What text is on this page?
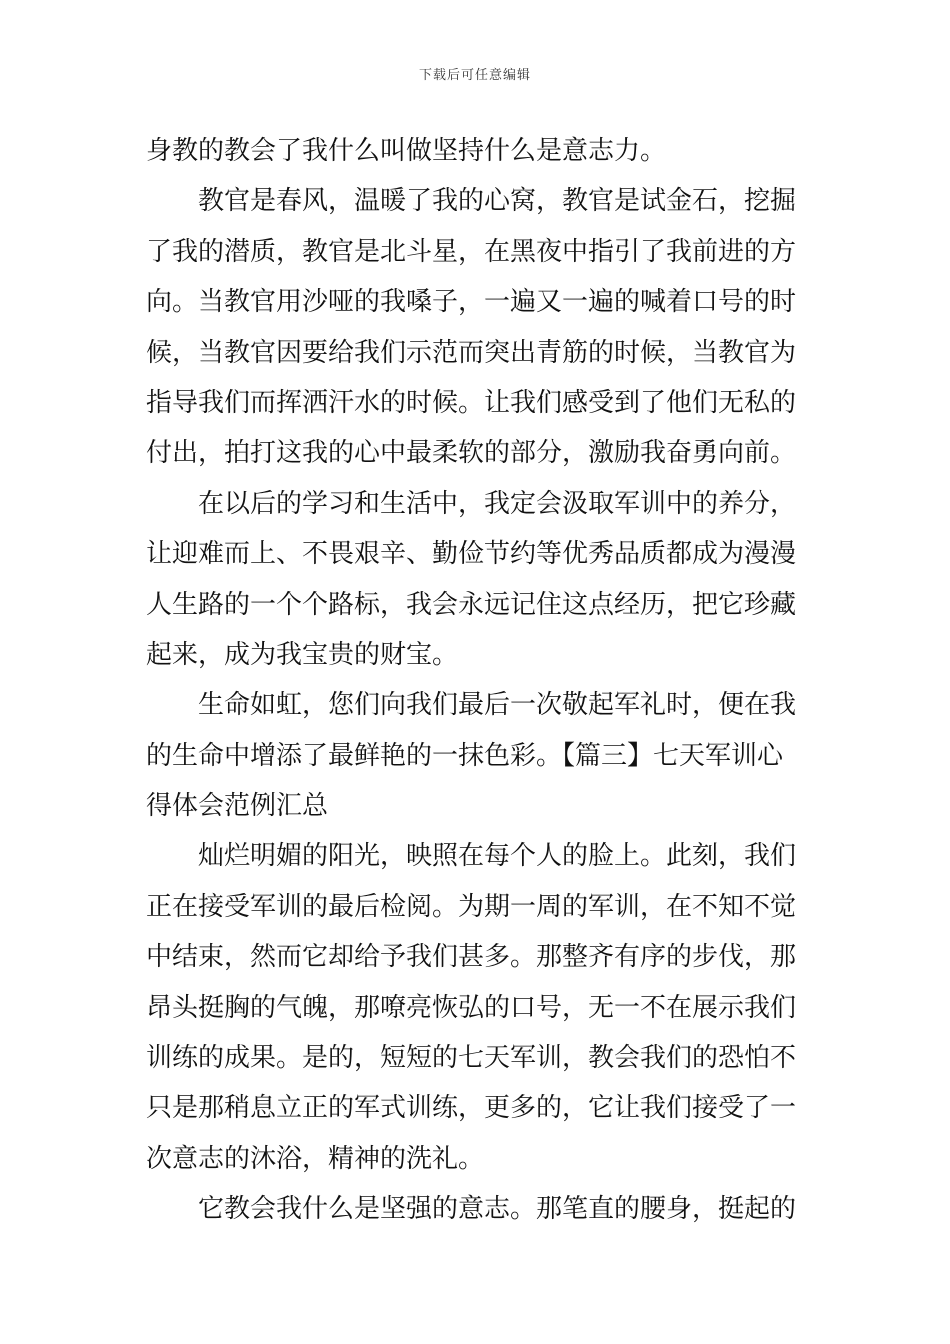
下载后可任意编辑
身教的教会了我什么叫做坚持什么是意志力。
教官是春风，温暖了我的心窝，教官是试金石，挖掘
了我的潜质，教官是北斗星，在黑夜中指引了我前进的方
向。当教官用沙哑的我嗓子，一遍又一遍的喊着口号的时
候，当教官因要给我们示范而突出青筋的时候，当教官为
指导我们而挥洒汗水的时候。让我们感受到了他们无私的
付出，拍打这我的心中最柔软的部分，激励我奋勇向前。
在以后的学习和生活中，我定会汲取军训中的养分，
让迎难而上、不畏艰辛、勤俭节约等优秀品质都成为漫漫
人生路的一个个路标，我会永远记住这点经历，把它珍藏
起来，成为我宝贵的财宝。
生命如虹，您们向我们最后一次敬起军礼时，便在我
的生命中增添了最鲜艳的一抹色彩。【篇三】七天军训心
得体会范例汇总
灿烂明媚的阳光，映照在每个人的脸上。此刻，我们
正在接受军训的最后检阅。为期一周的军训，在不知不觉
中结束，然而它却给予我们甚多。那整齐有序的步伐，那
昂头挺胸的气魄，那嘹亮恢弘的口号，无一不在展示我们
训练的成果。是的，短短的七天军训，教会我们的恐怕不
只是那稍息立正的军式训练，更多的，它让我们接受了一
次意志的沐浴，精神的洗礼。
它教会我什么是坚强的意志。那笔直的腰身，挺起的
